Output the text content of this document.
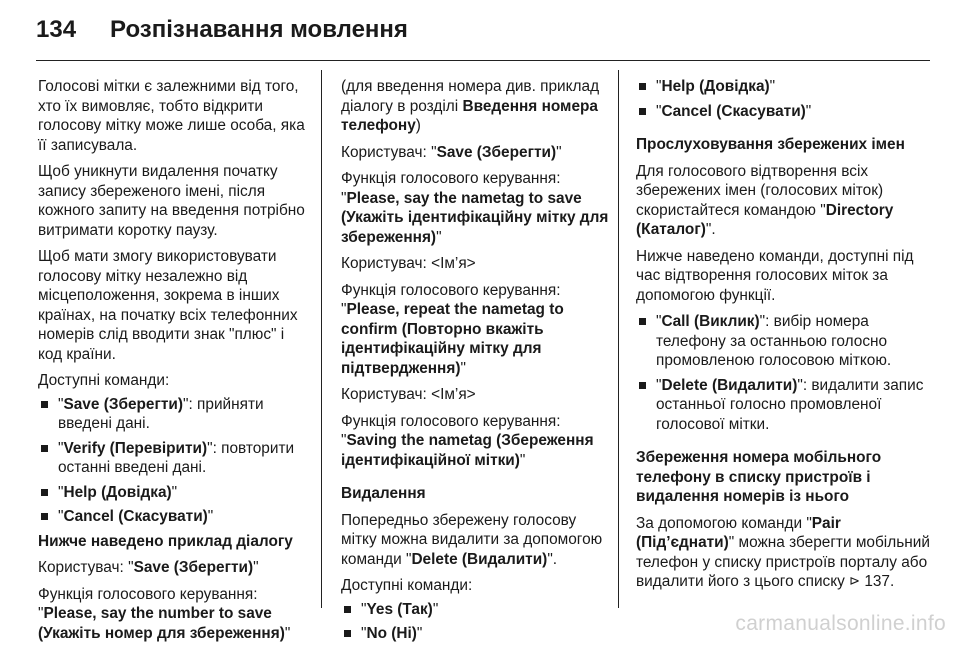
134 Розпізнавання мовлення

Голосові мітки є залежними від того, хто їх вимовляє, тобто відкрити голосову мітку може лише особа, яка її записувала.

Щоб уникнути видалення початку запису збереженого імені, після кожного запиту на введення потрібно витримати коротку паузу.

Щоб мати змогу використовувати голосову мітку незалежно від місцеположення, зокрема в інших країнах, на початку всіх телефонних номерів слід вводити знак "плюс" і код країни.

Доступні команди:

"Save (Зберегти)": прийняти введені дані.
"Verify (Перевірити)": повторити останні введені дані.
"Help (Довідка)"
"Cancel (Скасувати)"

Нижче наведено приклад діалогу

Користувач: "Save (Зберегти)"

Функція голосового керування: "Please, say the number to save (Укажіть номер для збереження)"

(для введення номера див. приклад діалогу в розділі Введення номера телефону)

Користувач: "Save (Зберегти)"

Функція голосового керування: "Please, say the nametag to save (Укажіть ідентифікаційну мітку для збереження)"

Користувач: <Ім’я>

Функція голосового керування: "Please, repeat the nametag to confirm (Повторно вкажіть ідентифікаційну мітку для підтвердження)"

Користувач: <Ім’я>

Функція голосового керування: "Saving the nametag (Збереження ідентифікаційної мітки)"

Видалення

Попередньо збережену голосову мітку можна видалити за допомогою команди "Delete (Видалити)".

Доступні команди:

"Yes (Так)"
"No (Ні)"
"Help (Довідка)"
"Cancel (Скасувати)"

Прослуховування збережених імен

Для голосового відтворення всіх збережених імен (голосових міток) скористайтеся командою "Directory (Каталог)".

Нижче наведено команди, доступні під час відтворення голосових міток за допомогою функції.

"Call (Виклик)": вибір номера телефону за останньою голосно промовленою голосовою міткою.
"Delete (Видалити)": видалити запис останньої голосно промовленої голосової мітки.

Збереження номера мобільного телефону в списку пристроїв і видалення номерів із нього

За допомогою команди "Pair (Під’єднати)" можна зберегти мобільний телефон у списку пристроїв порталу або видалити його з цього списку ⊳ 137.

carmanualsonline.info
